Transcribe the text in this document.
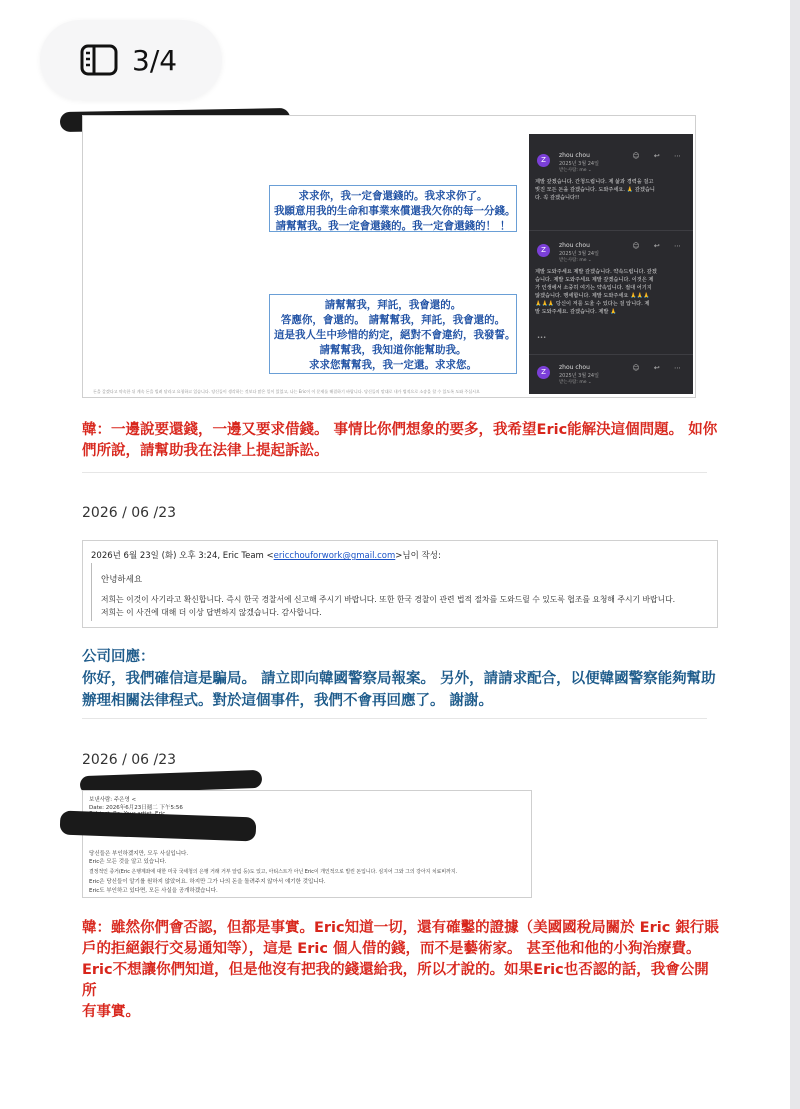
3/4
求求你，我一定會還錢的。我求求你了。
我願意用我的生命和事業來償還我欠你的每一分錢。
請幫幫我。我一定會還錢的。我一定會還錢的！ ！
請幫幫我，拜託，我會還的。
答應你，會還的。 請幫幫我，拜託，我會還的。
這是我人生中珍惜的約定，絕對不會違約，我發誓。
請幫幫我，我知道你能幫助我。
求求您幫幫我，我一定還。求求您。
Z
zhou chou
2025년 3월 24일
받는사람: me ⌄
☺ ↩ ⋯
제발 갚겠습니다. 간청드립니다. 제 삶과 경력을 걸고
빚진 모든 돈을 갚겠습니다. 도와주세요. 🙏 갚겠습니
다. 꼭 갚겠습니다!!
Z
zhou chou
2025년 3월 24일
받는사람: me ⌄
☺ ↩ ⋯
제발 도와주세요 제발 갚겠습니다. 약속드립니다. 갚겠
습니다. 제발 도와주세요 제발 갚겠습니다. 이것은 제
가 인생에서 소중히 여기는 약속입니다. 절대 어기지
않겠습니다. 맹세합니다. 제발 도와주세요 🙏🙏🙏
🙏🙏🙏 당신이 저를 도울 수 있다는 걸 압니다. 제
발 도와주세요. 갚겠습니다. 제발 🙏
•••
Z
zhou chou
2025년 3월 24일
받는사람: me ⌄
☺ ↩ ⋯
돈을 갚겠다고 약속한 뒤 계속 돈을 빌려 달라고 요청하고 있습니다. 당신들이 생각하는 것보다 많은 일이 있었고, 나는 Eric이 이 문제를 해결하기 바랍니다. 당신들의 말대로 내가 법적으로 소송을 할 수 있도록 도와 주십시오
韓：一邊說要還錢，一邊又要求借錢。 事情比你們想象的要多，我希望Eric能解決這個問題。 如你
們所說，請幫助我在法律上提起訴訟。
2026 / 06 /23
2026년 6월 23일 (화) 오후 3:24, Eric Team <ericchouforwork@gmail.com>님이 작성:
안녕하세요
저희는 이것이 사기라고 확신합니다. 즉시 한국 경찰서에 신고해 주시기 바랍니다. 또한 한국 경찰이 관련 법적 절차를 도와드릴 수 있도록 협조를 요청해 주시기 바랍니다.
저희는 이 사건에 대해 더 이상 답변하지 않겠습니다. 감사합니다.
公司回應：
你好，我們確信這是騙局。 請立即向韓國警察局報案。 另外，請請求配合，以便韓國警察能夠幫助
辦理相關法律程式。對於這個事件，我們不會再回應了。 謝謝。
2026 / 06 /23
보낸사람: 주은영 <
Date: 2026年6月23日週二 下午5:56
당신들은 부인하겠지만, 모두 사실입니다.
Eric은 모든 것을 알고 있습니다.
결정적인 증거(Eric 은행계좌에 대한 미국 국세청의 은행 거래 거부 알림 등)도 있고, 아티스트가 아닌 Eric이 개인적으로 빌린 돈입니다. 심지어 그와 그의 강아지 치료비까지.
Eric은 당신들이 알기를 원하지 않았어요. 하지만 그가 나의 돈을 돌려주지 않아서 얘기한 것입니다.
Eric도 부인하고 있다면, 모든 사실을 공개하겠습니다.
韓：雖然你們會否認，但都是事實。Eric知道一切，還有確鑿的證據（美國國稅局關於 Eric 銀行賬
戶的拒絕銀行交易通知等），這是 Eric 個人借的錢，而不是藝術家。 甚至他和他的小狗治療費。
Eric不想讓你們知道，但是他沒有把我的錢還給我，所以才說的。如果Eric也否認的話，我會公開所
有事實。
